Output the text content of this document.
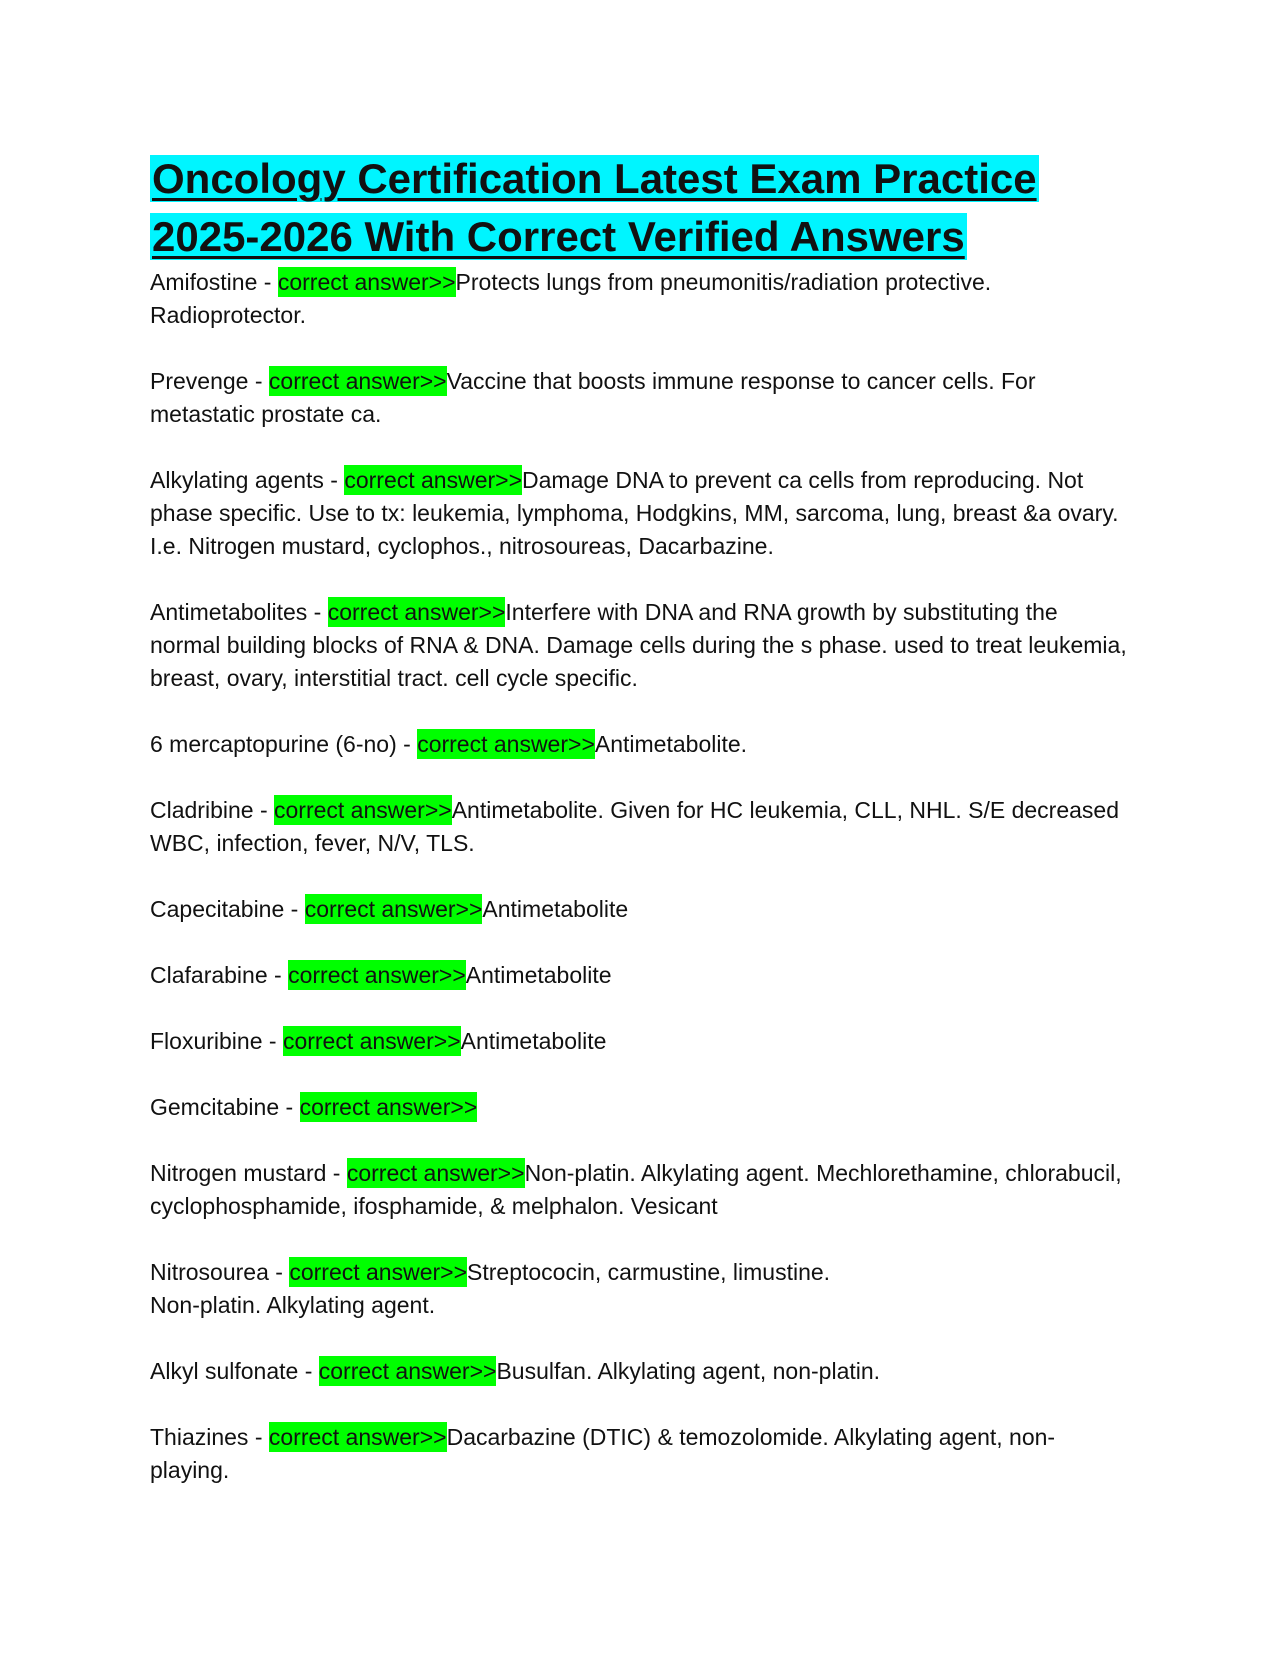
Oncology Certification Latest Exam Practice
2025-2026 With Correct Verified Answers

Amifostine - correct answer>>Protects lungs from pneumonitis/radiation protective. Radioprotector.

Prevenge - correct answer>>Vaccine that boosts immune response to cancer cells. For metastatic prostate ca.

Alkylating agents - correct answer>>Damage DNA to prevent ca cells from reproducing. Not phase specific. Use to tx: leukemia, lymphoma, Hodgkins, MM, sarcoma, lung, breast &a ovary. I.e. Nitrogen mustard, cyclophos., nitrosoureas, Dacarbazine.

Antimetabolites - correct answer>>Interfere with DNA and RNA growth by substituting the normal building blocks of RNA & DNA. Damage cells during the s phase. used to treat leukemia, breast, ovary, interstitial tract. cell cycle specific.

6 mercaptopurine (6-no) - correct answer>>Antimetabolite.

Cladribine - correct answer>>Antimetabolite. Given for HC leukemia, CLL, NHL. S/E decreased WBC, infection, fever, N/V, TLS.

Capecitabine - correct answer>>Antimetabolite

Clafarabine - correct answer>>Antimetabolite

Floxuribine - correct answer>>Antimetabolite

Gemcitabine - correct answer>>

Nitrogen mustard - correct answer>>Non-platin. Alkylating agent. Mechlorethamine, chlorabucil, cyclophosphamide, ifosphamide, & melphalon. Vesicant

Nitrosourea - correct answer>>Streptococin, carmustine, limustine.
Non-platin. Alkylating agent.

Alkyl sulfonate - correct answer>>Busulfan. Alkylating agent, non-platin.

Thiazines - correct answer>>Dacarbazine (DTIC) & temozolomide. Alkylating agent, non-playing.
